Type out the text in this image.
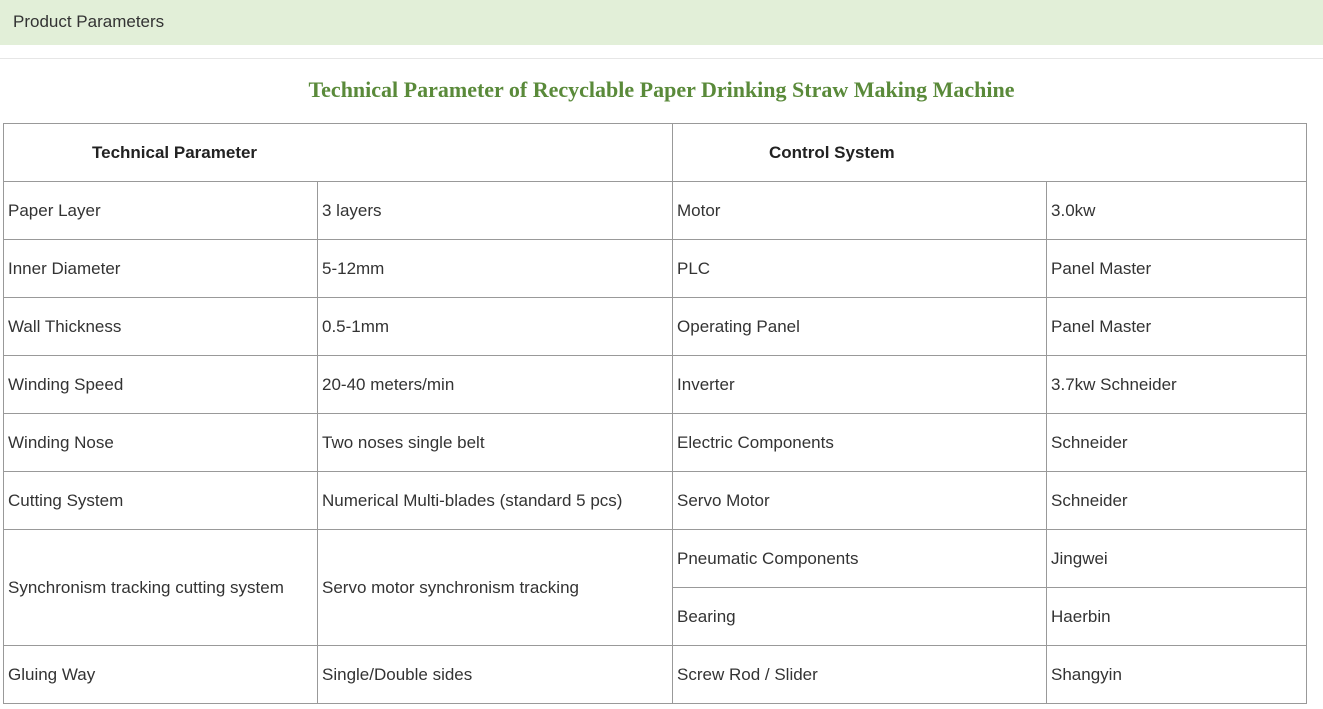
Product Parameters
Technical Parameter of Recyclable Paper Drinking Straw Making Machine
Technical Parameter		Control System	
Paper Layer	3 layers	Motor	3.0kw
Inner Diameter	5-12mm	PLC	Panel Master
Wall Thickness	0.5-1mm	Operating Panel	Panel Master
Winding Speed	20-40 meters/min	Inverter	3.7kw Schneider
Winding Nose	Two noses single belt	Electric Components	Schneider
Cutting System	Numerical Multi-blades (standard 5 pcs)	Servo Motor	Schneider
Synchronism tracking cutting system	Servo motor synchronism tracking	Pneumatic Components	Jingwei
		Bearing	Haerbin
Gluing Way	Single/Double sides	Screw Rod / Slider	Shangyin
